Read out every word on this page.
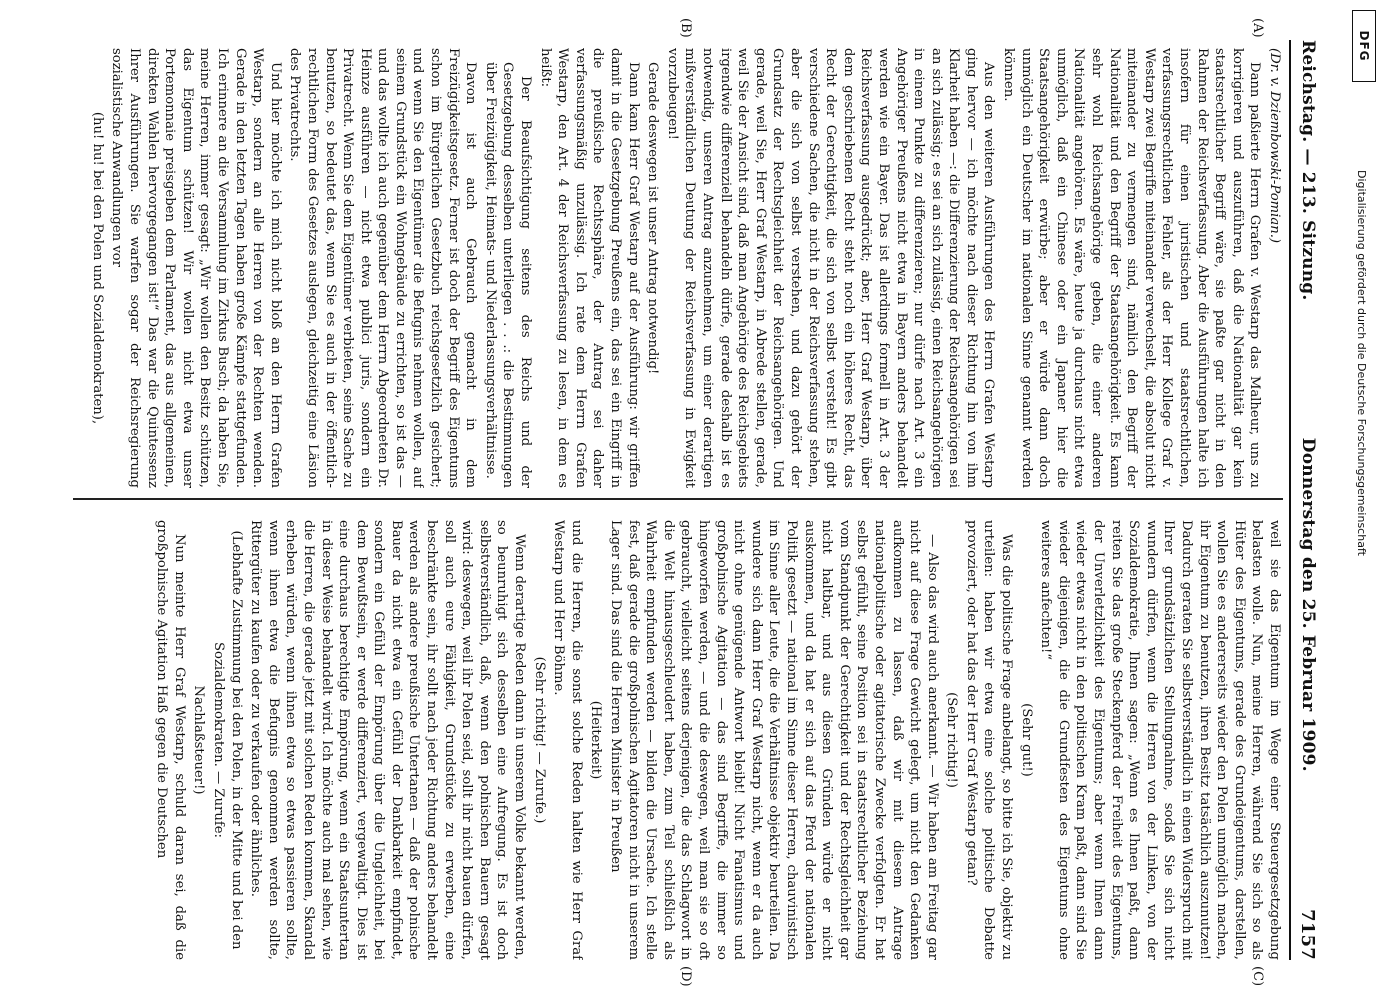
Reichstag. — 213. Sitzung.
Donnerstag den 25. Februar 1909.
7157
(A)
(B)
(C)
(D)

(Dr. v. Dziembowski-Pomian.)

Dann paßierte Herrn Grafen v. Westarp das Malheur, uns zu korrigieren und auszuführen, daß die Nationalität gar kein staatsrechtlicher Begriff wäre, sie paßte gar nicht in den Rahmen der Reichsverfassung. Aber die Ausführungen halte ich insofern für einen juristischen und staatsrechtlichen, verfassungsrechtlichen Fehler, als der Herr Kollege Graf v. Westarp zwei Begriffe miteinander verwechselt, die absolut nicht miteinander zu vermengen sind, nämlich den Begriff der Nationalität und den Begriff der Staatsangehörigkeit. Es kann sehr wohl Reichsangehörige geben, die einer anderen Nationalität angehören. Es wäre, heute ja durchaus nicht etwa unmöglich, daß ein Chinese oder ein Japaner hier die Staatsangehörigkeit erwürbe; aber er würde dann doch unmöglich ein Deutscher im nationalen Sinne genannt werden können.

Aus den weiteren Ausführungen des Herrn Grafen Westarp ging hervor — ich möchte nach dieser Richtung hin von ihm Klarheit haben —: die Differenzierung der Reichsangehörigen sei an sich zulässig; es sei an sich zulässig, einen Reichsangehörigen in einem Punkte zu differenzieren; nur dürfe nach Art. 3 ein Angehöriger Preußens nicht etwa in Bayern anders behandelt werden wie ein Bayer. Das ist allerdings formell in Art. 3 der Reichsverfassung ausgedrückt; aber, Herr Graf Westarp, über dem geschriebenen Recht steht noch ein höheres Recht, das Recht der Gerechtigkeit, die sich von selbst versteht! Es gibt verschiedene Sachen, die nicht in der Reichsverfassung stehen, aber die sich von selbst verstehen, und dazu gehört der Grundsatz der Rechtsgleichheit der Reichsangehörigen. Und gerade, weil Sie, Herr Graf Westarp, in Abrede stellen, gerade, weil Sie der Ansicht sind, daß man Angehörige des Reichsgebiets irgendwie differenziell behandeln dürfe, gerade deshalb ist es notwendig, unseren Antrag anzunehmen, um einer derartigen mißverständlichen Deutung der Reichsverfassung in Ewigkeit vorzubeugen!

Gerade deswegen ist unser Antrag notwendig!

Dann kam Herr Graf Westarp auf der Ausführung: wir griffen damit in die Gesetzgebung Preußens ein, das sei ein Eingriff in die preußische Rechtssphäre, der Antrag sei daher verfassungsmäßig unzulässig. Ich rate dem Herrn Grafen Westarp, den Art. 4 der Reichsverfassung zu lesen, in dem es heißt:

Der Beaufsichtigung seitens des Reichs und der Gesetzgebung desselben unterliegen . . .: die Bestimmungen über Freizügigkeit, Heimats- und Niederlassungsverhältnisse.

Davon ist auch Gebrauch gemacht in dem Freizügigkeitsgesetz. Ferner ist doch der Begriff des Eigentums schon im Bürgerlichen Gesetzbuch reichsgesetzlich gesichert; und wenn Sie den Eigentümer die Befugnis nehmen wollen, auf seinem Grundstück ein Wohngebäude zu errichten, so ist das — und das wollte ich auch gegenüber dem Herrn Abgeordneten Dr. Heinze ausführen — nicht etwa publici juris, sondern ein Privatrecht. Wenn Sie dem Eigentümer verbieten, seine Sache zu benutzen, so bedeutet das, wenn Sie es auch in der öffentlich-rechtlichen Form des Gesetzes auslegen, gleichzeitig eine Läsion des Privatrechts.

Und hier möchte ich mich nicht bloß an den Herrn Grafen Westarp, sondern an alle Herren von der Rechten wenden. Gerade in den letzten Tagen haben große Kämpfe stattgefunden. Ich erinnere an die Versammlung im Zirkus Busch; da haben Sie, meine Herren, immer gesagt: „Wir wollen den Besitz schützen, das Eigentum schützen! Wir wollen nicht etwa unser Portemonnaie preisgeben dem Parlament, das aus allgemeinen, direkten Wahlen hervorgegangen ist!“ Das war die Quintessenz Ihrer Ausführungen. Sie warfen sogar der Reichsregierung sozialistische Anwandlungen vor

(hu! hu! bei den Polen und Sozialdemokraten),

weil sie das Eigentum im Wege einer Steuergesetzgebung belasten wolle. Nun, meine Herren, während Sie sich so als Hüter des Eigentums, gerade des Grundeigentums, darstellen, wollen Sie es andererseits wieder den Polen unmöglich machen, ihr Eigentum zu benutzen, ihren Besitz tatsächlich auszunutzen! Dadurch geraten Sie selbstverständlich in einen Widerspruch mit Ihrer grundsätzlichen Stellungnahme, sodaß Sie sich nicht wundern dürfen, wenn die Herren von der Linken, von der Sozialdemokratie, Ihnen sagen: „Wenn es Ihnen paßt, dann reiten Sie das große Steckenpferd der Freiheit des Eigentums, der Unverletzlichkeit des Eigentums; aber wenn Ihnen dann wieder etwas nicht in den politischen Kram paßt, dann sind Sie wieder diejenigen, die die Grundfesten des Eigentums ohne weiteres anfechten!“

(Sehr gut!)

Was die politische Frage anbelangt, so bitte ich Sie, objektiv zu urteilen: haben wir etwa eine solche politische Debatte provoziert, oder hat das der Herr Graf Westarp getan?

(Sehr richtig!)

— Also das wird auch anerkannt. — Wir haben am Freitag gar nicht auf diese Frage Gewicht gelegt, um nicht den Gedanken aufkommen zu lassen, daß wir mit diesem Antrage nationalpolitische oder agitatorische Zwecke verfolgten. Er hat selbst gefühlt, seine Position sei in staatsrechtlicher Beziehung vom Standpunkt der Gerechtigkeit und der Rechtsgleichheit gar nicht haltbar, und aus diesen Gründen würde er nicht auskommen, und da hat er sich auf das Pferd der nationalen Politik gesetzt — national im Sinne dieser Herren, chauvinistisch im Sinne aller Leute, die die Verhältnisse objektiv beurteilen. Da wundere sich dann Herr Graf Westarp nicht, wenn er da auch nicht ohne genügende Antwort bleibt! Nicht Fanatismus und großpolnische Agitation — das sind Begriffe, die immer so hingeworfen werden, — und die deswegen, weil man sie so oft gebraucht, vielleicht seitens derjenigen, die das Schlagwort in die Welt hinausgeschleudert haben, zum Teil schließlich als Wahrheit empfunden werden — bilden die Ursache. Ich stelle fest, daß gerade die großpolnischen Agitatoren nicht in unserem Lager sind. Das sind die Herren Minister in Preußen

(Heiterkeit)

und die Herren, die sonst solche Reden halten wie Herr Graf Westarp und Herr Böhme.

(Sehr richtig! — Zurufe.)

Wenn derartige Reden dann in unserem Volke bekannt werden, so beunruhigt sich desselben eine Aufregung. Es ist doch selbstverständlich, daß, wenn den polnischen Bauern gesagt wird: deswegen, weil ihr Polen seid, sollt ihr nicht bauen dürfen, soll auch eure Fähigkeit, Grundstücke zu erwerben, eine beschränkte sein, ihr sollt nach jeder Richtung anders behandelt werden als andere preußische Untertanen — daß der polnische Bauer da nicht etwa ein Gefühl der Dankbarkeit empfindet, sondern ein Gefühl der Empörung über die Ungleichheit, bei dem Bewußtsein, er werde differenziert, vergewaltigt. Dies ist eine durchaus berechtigte Empörung, wenn ein Staatsuntertan in dieser Weise behandelt wird. Ich möchte auch mal sehen, wie die Herren, die gerade jetzt mit solchen Reden kommen, Skandal erheben würden, wenn ihnen etwa so etwas passieren sollte, wenn ihnen etwa die Befugnis genommen werden sollte, Rittergüter zu kaufen oder zu verkaufen oder ähnliches.

(Lebhafte Zustimmung bei den Polen, in der Mitte und bei den Sozialdemokraten. — Zurufe:

Nachlaßsteuer!)

Nun meinte Herr Graf Westarp, schuld daran sei, daß die großpolnische Agitation Haß gegen die Deutschen

DFG
Digitalisierung gefördert durch die Deutsche Forschungsgemeinschaft
